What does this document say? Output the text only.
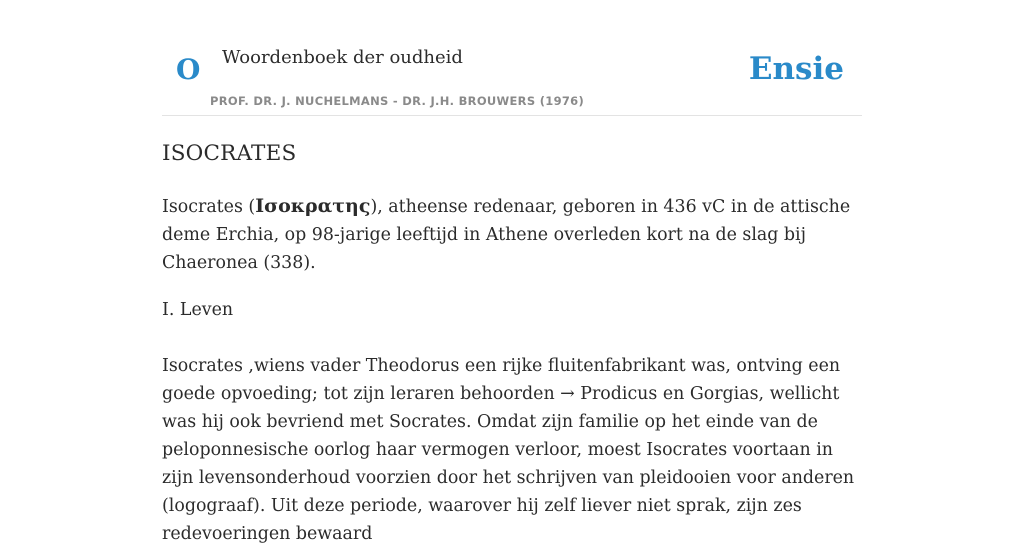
O Woordenboek der oudheid
PROF. DR. J. NUCHELMANS - DR. J.H. BROUWERS (1976)
Ensie
ISOCRATES

Isocrates (Ισοκρατης), atheense redenaar, geboren in 436 vC in de attische deme Erchia, op 98-jarige leeftijd in Athene overleden kort na de slag bij Chaeronea (338).

I. Leven

Isocrates ,wiens vader Theodorus een rijke fluitenfabrikant was, ontving een goede opvoeding; tot zijn leraren behoorden → Prodicus en Gorgias, wellicht was hij ook bevriend met Socrates. Omdat zijn familie op het einde van de peloponnesische oorlog haar vermogen verloor, moest Isocrates voortaan in zijn levensonderhoud voorzien door het schrijven van pleidooien voor anderen (logograaf). Uit deze periode, waarover hij zelf liever niet sprak, zijn zes redevoeringen bewaard
